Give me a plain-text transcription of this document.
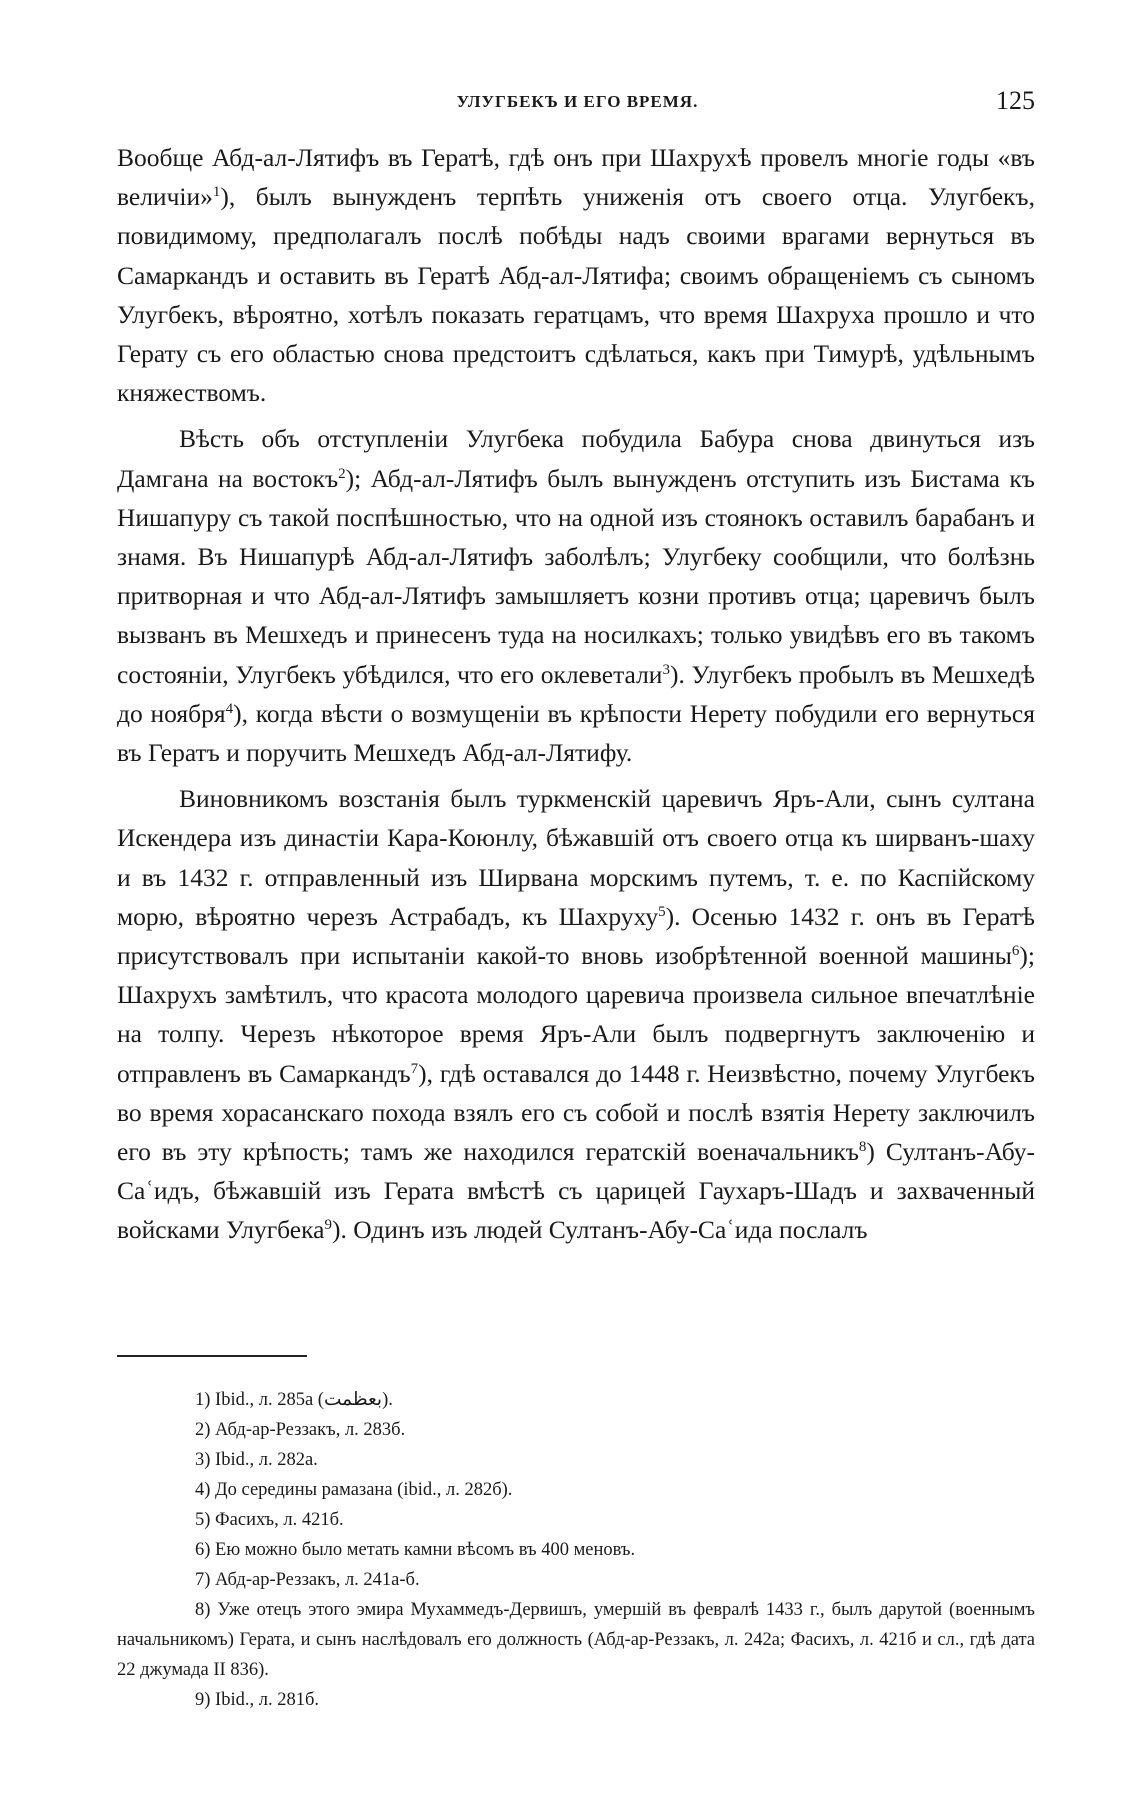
УЛУГБЕКЪ И ЕГО ВРЕМЯ.	125

Вообще Абд-ал-Лятифъ въ Гератѣ, гдѣ онъ при Шахрухѣ провелъ многiе годы «въ величiи»$^1$), былъ вынужденъ терпѣть униженiя отъ своего отца. Улугбекъ, повидимому, предполагалъ послѣ побѣды надъ своими врагами вернуться въ Самаркандъ и оставить въ Гератѣ Абд-ал-Лятифа; своимъ обращенiемъ съ сыномъ Улугбекъ, вѣроятно, хотѣлъ показать гератцамъ, что время Шахруха прошло и что Герату съ его областью снова предстоитъ сдѣлаться, какъ при Тимурѣ, удѣльнымъ княжествомъ.

Вѣсть объ отступленiи Улугбека побудила Бабура снова двинуться изъ Дамгана на востокъ$^2$); Абд-ал-Лятифъ былъ вынужденъ отступить изъ Бистама къ Нишапуру съ такой поспѣшностью, что на одной изъ стоянокъ оставилъ барабанъ и знамя. Въ Нишапурѣ Абд-ал-Лятифъ заболѣлъ; Улугбеку сообщили, что болѣзнь притворная и что Абд-ал-Лятифъ замышляетъ козни противъ отца; царевичъ былъ вызванъ въ Мешхедъ и принесенъ туда на носилкахъ; только увидѣвъ его въ такомъ состоянiи, Улугбекъ убѣдился, что его оклеветали$^3$). Улугбекъ пробылъ въ Мешхедѣ до ноября$^4$), когда вѣсти о возмущенiи въ крѣпости Нерету побудили его вернуться въ Гератъ и поручить Мешхедъ Абд-ал-Лятифу.

Виновникомъ возстанiя былъ туркменскiй царевичъ Яръ-Али, сынъ султана Искендера изъ династiи Кара-Коюнлу, бѣжавшiй отъ своего отца къ ширванъ-шаху и въ 1432 г. отправленный изъ Ширвана морскимъ путемъ, т. е. по Каспiйскому морю, вѣроятно черезъ Астрабадъ, къ Шахруху$^5$). Осенью 1432 г. онъ въ Гератѣ присутствовалъ при испытанiи какой-то вновь изобрѣтенной военной машины$^6$); Шахрухъ замѣтилъ, что красота молодого царевича произвела сильное впечатлѣнiе на толпу. Черезъ нѣкоторое время Яръ-Али былъ подвергнутъ заключенiю и отправленъ въ Самаркандъ$^7$), гдѣ оставался до 1448 г. Неизвѣстно, почему Улугбекъ во время хорасанскаго похода взялъ его съ собой и послѣ взятiя Нерету заключилъ его въ эту крѣпость; тамъ же находился гератскiй военачальникъ$^8$) Султанъ-Абу-Саʿидъ, бѣжавшiй изъ Герата вмѣстѣ съ царицей Гаухаръ-Шадъ и захваченный войсками Улугбека$^9$). Одинъ изъ людей Султанъ-Абу-Саʿида послалъ

1) Ibid., л. 285а (بعظمت).

2) Абд-ар-Реззакъ, л. 283б.

3) Ibid., л. 282а.

4) До середины рамазана (ibid., л. 282б).

5) Фасихъ, л. 421б.

6) Ею можно было метать камни вѣсомъ въ 400 меновъ.

7) Абд-ар-Реззакъ, л. 241а-б.

8) Уже отецъ этого эмира Мухаммедъ-Дервишъ, умершiй въ февралѣ 1433 г., былъ дарутой (военнымъ начальникомъ) Герата, и сынъ наслѣдовалъ его должность (Абд-ар-Реззакъ, л. 242а; Фасихъ, л. 421б и сл., гдѣ дата 22 джумада II 836).

9) Ibid., л. 281б.
